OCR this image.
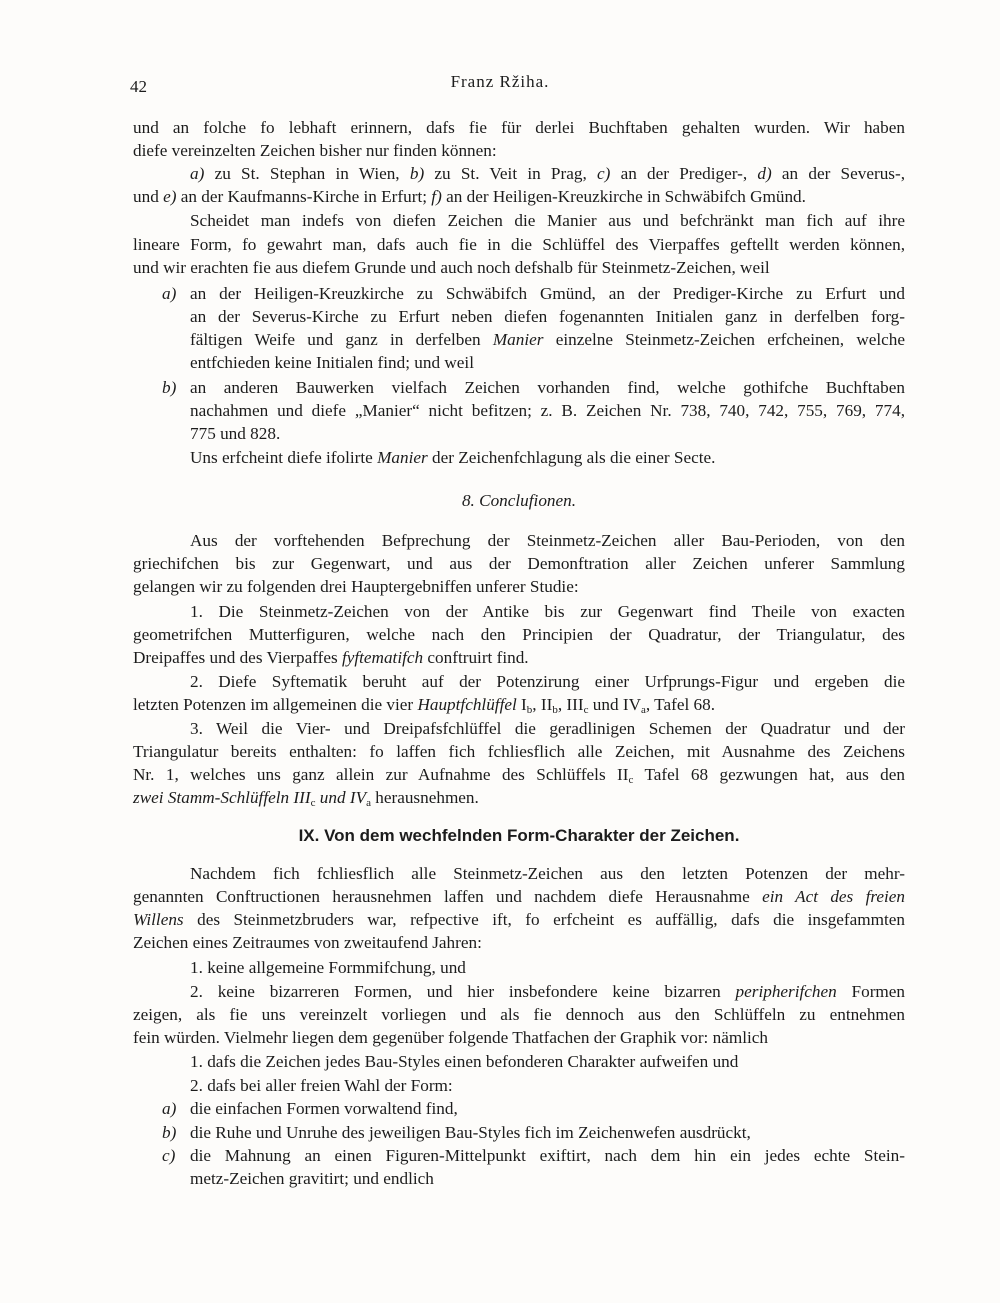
42	Franz Ržiha.
und an folche fo lebhaft erinnern, dafs fie für derlei Buchftaben gehalten wurden. Wir haben
diefe vereinzelten Zeichen bisher nur finden können:
a) zu St. Stephan in Wien, b) zu St. Veit in Prag, c) an der Prediger-, d) an der Severus-,
und e) an der Kaufmanns-Kirche in Erfurt; f) an der Heiligen-Kreuzkirche in Schwäbifch Gmünd.
Scheidet man indefs von diefen Zeichen die Manier aus und befchränkt man fich auf ihre
lineare Form, fo gewahrt man, dafs auch fie in die Schlüffel des Vierpaffes geftellt werden können,
und wir erachten fie aus diefem Grunde und auch noch defshalb für Steinmetz-Zeichen, weil
a) an der Heiligen-Kreuzkirche zu Schwäbifch Gmünd, an der Prediger-Kirche zu Erfurt und
an der Severus-Kirche zu Erfurt neben diefen fogenannten Initialen ganz in derfelben forg-
fältigen Weife und ganz in derfelben Manier einzelne Steinmetz-Zeichen erfcheinen, welche
entfchieden keine Initialen find; und weil
b) an anderen Bauwerken vielfach Zeichen vorhanden find, welche gothifche Buchftaben
nachahmen und diefe „Manier“ nicht befitzen; z. B. Zeichen Nr. 738, 740, 742, 755, 769, 774,
775 und 828.
Uns erfcheint diefe ifolirte Manier der Zeichenfchlagung als die einer Secte.
8. Conclufionen.
Aus der vorftehenden Befprechung der Steinmetz-Zeichen aller Bau-Perioden, von den
griechifchen bis zur Gegenwart, und aus der Demonftration aller Zeichen unferer Sammlung
gelangen wir zu folgenden drei Hauptergebniffen unferer Studie:
1. Die Steinmetz-Zeichen von der Antike bis zur Gegenwart find Theile von exacten
geometrifchen Mutterfiguren, welche nach den Principien der Quadratur, der Triangulatur, des
Dreipaffes und des Vierpaffes fyftematifch conftruirt find.
2. Diefe Syftematik beruht auf der Potenzirung einer Urfprungs-Figur und ergeben die
letzten Potenzen im allgemeinen die vier Hauptfchlüffel $I_b$, $II_b$, $III_c$ und $IV_a$, Tafel 68.
3. Weil die Vier- und Dreipafsfchlüffel die geradlinigen Schemen der Quadratur und der
Triangulatur bereits enthalten: fo laffen fich fchliesflich alle Zeichen, mit Ausnahme des Zeichens
Nr. 1, welches uns ganz allein zur Aufnahme des Schlüffels $II_c$ Tafel 68 gezwungen hat, aus den
zwei Stamm-Schlüffeln $III_c$ und $IV_a$ herausnehmen.
IX. Von dem wechfelnden Form-Charakter der Zeichen.
Nachdem fich fchliesflich alle Steinmetz-Zeichen aus den letzten Potenzen der mehr-
genannten Conftructionen herausnehmen laffen und nachdem diefe Herausnahme ein Act des freien
Willens des Steinmetzbruders war, refpective ift, fo erfcheint es auffällig, dafs die insgefammten
Zeichen eines Zeitraumes von zweitaufend Jahren:
1. keine allgemeine Formmifchung, und
2. keine bizarreren Formen, und hier insbefondere keine bizarren peripherifchen Formen
zeigen, als fie uns vereinzelt vorliegen und als fie dennoch aus den Schlüffeln zu entnehmen
fein würden. Vielmehr liegen dem gegenüber folgende Thatfachen der Graphik vor: nämlich
1. dafs die Zeichen jedes Bau-Styles einen befonderen Charakter aufweifen und
2. dafs bei aller freien Wahl der Form:
a) die einfachen Formen vorwaltend find,
b) die Ruhe und Unruhe des jeweiligen Bau-Styles fich im Zeichenwefen ausdrückt,
c) die Mahnung an einen Figuren-Mittelpunkt exiftirt, nach dem hin ein jedes echte Stein-
metz-Zeichen gravitirt; und endlich
